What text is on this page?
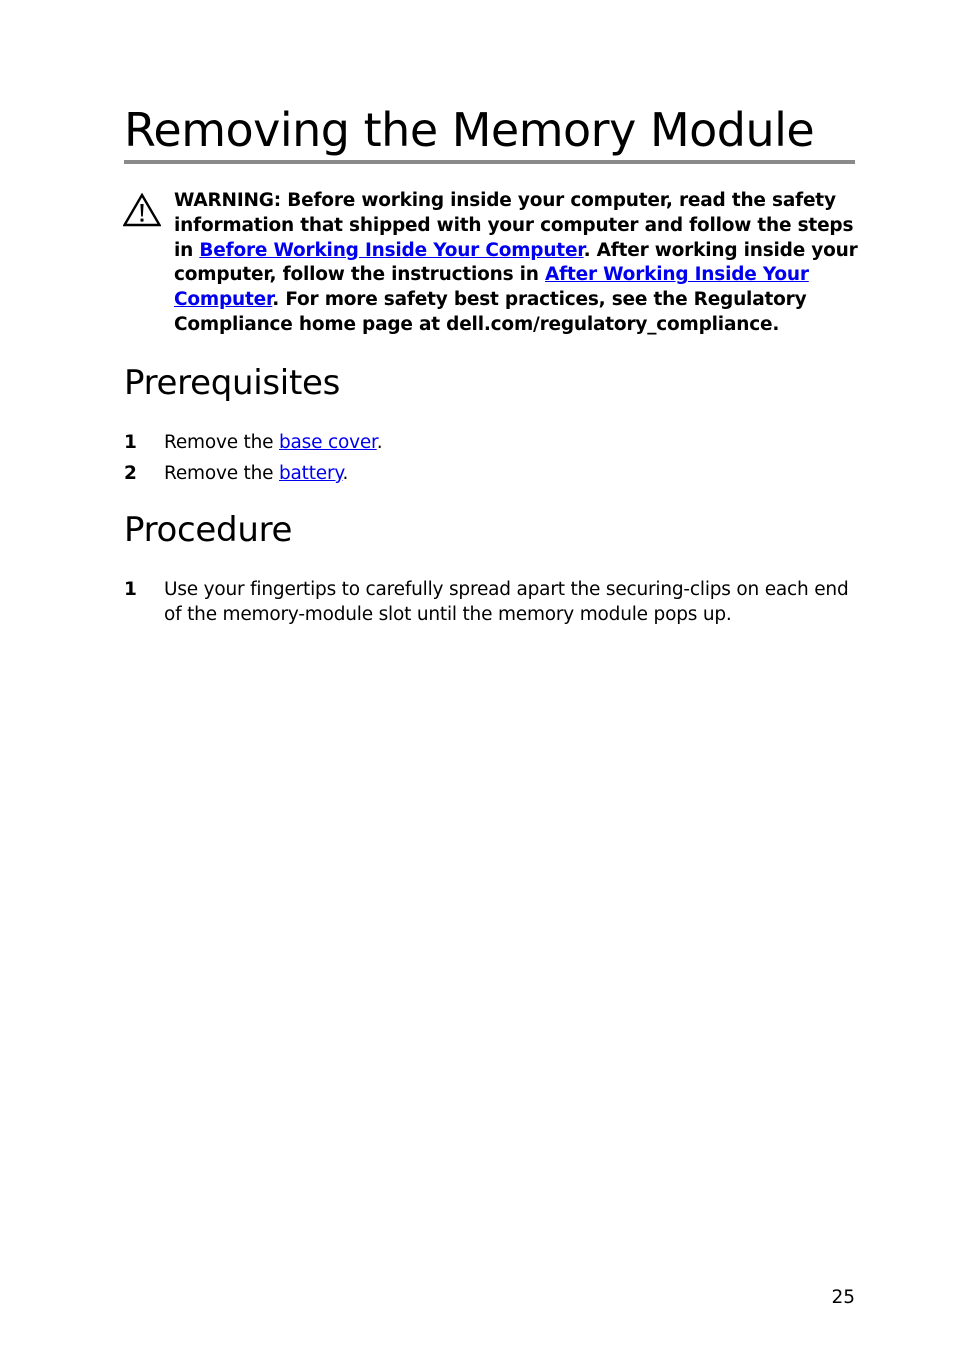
Removing the Memory Module

WARNING: Before working inside your computer, read the safety information that shipped with your computer and follow the steps in Before Working Inside Your Computer. After working inside your computer, follow the instructions in After Working Inside Your Computer. For more safety best practices, see the Regulatory Compliance home page at dell.com/regulatory_compliance.

Prerequisites
1 Remove the base cover.
2 Remove the battery.
Procedure
1 Use your fingertips to carefully spread apart the securing-clips on each end of the memory-module slot until the memory module pops up.
25
